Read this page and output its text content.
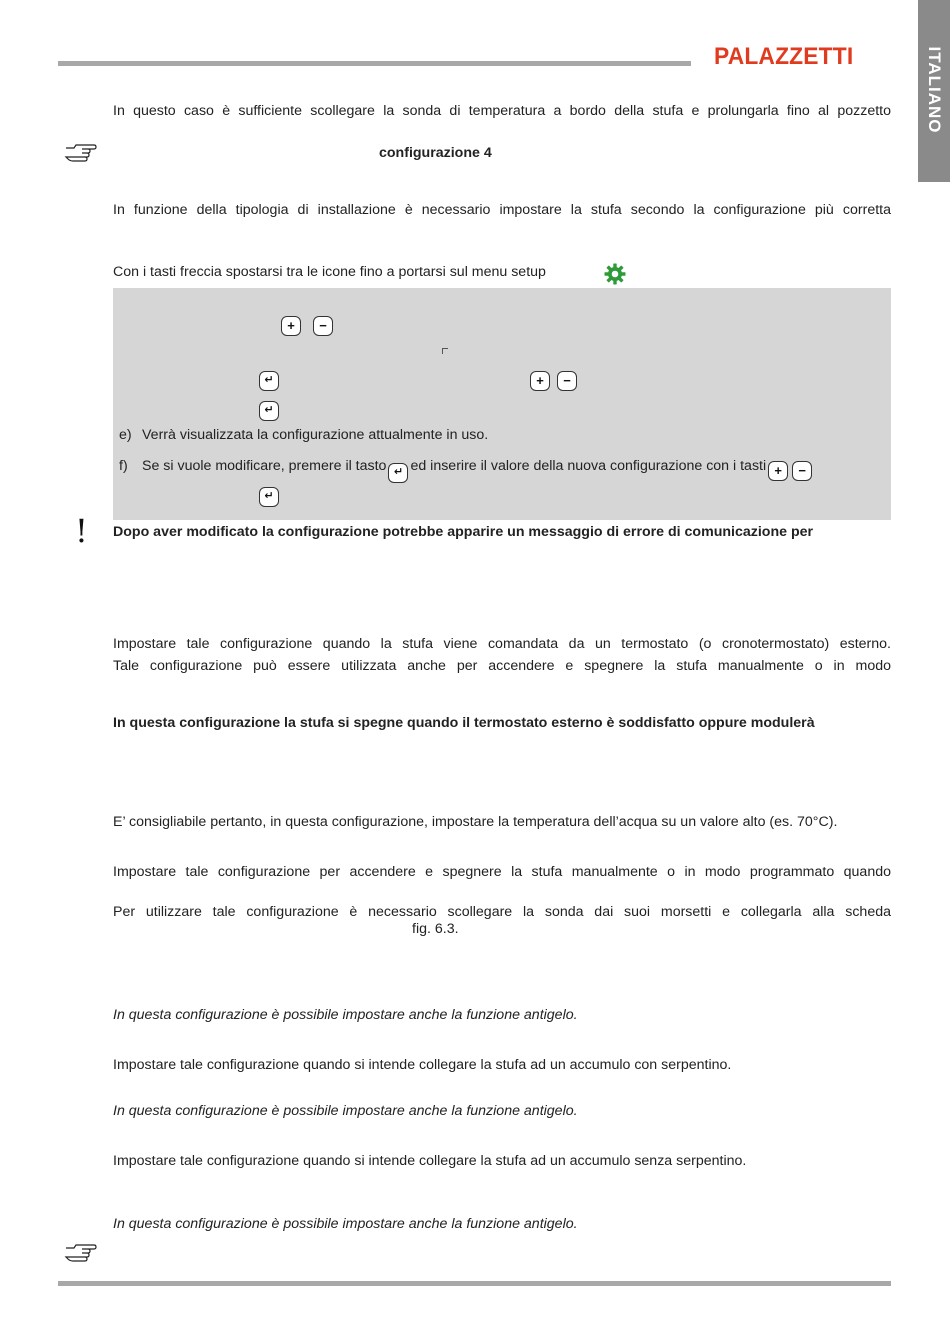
PALAZZETTI	ITALIANO
In questo caso è sufficiente scollegare la sonda di temperatura a bordo della stufa e prolungarla fino al pozzetto
configurazione 4
In funzione della tipologia di installazione è necessario impostare la stufa secondo la configurazione più corretta
Con i tasti freccia spostarsi tra le icone fino a portarsi sul menu setup
+	−
↵	+	−
↵
e) Verrà visualizzata la configurazione attualmente in uso.
f) Se si vuole modificare, premere il tasto ↵ ed inserire il valore della nuova configurazione con i tasti + −
↵
! Dopo aver modificato la configurazione potrebbe apparire un messaggio di errore di comunicazione per
Impostare tale configurazione quando la stufa viene comandata da un termostato (o cronotermostato) esterno.
Tale configurazione può essere utilizzata anche per accendere e spegnere la stufa manualmente o in modo
In questa configurazione la stufa si spegne quando il termostato esterno è soddisfatto oppure modulerà
E’ consigliabile pertanto, in questa configurazione, impostare la temperatura dell’acqua su un valore alto (es. 70°C).
Impostare tale configurazione per accendere e spegnere la stufa manualmente o in modo programmato quando
Per utilizzare tale configurazione è necessario scollegare la sonda dai suoi morsetti e collegarla alla scheda
fig. 6.3.
In questa configurazione è possibile impostare anche la funzione antigelo.
Impostare tale configurazione quando si intende collegare la stufa ad un accumulo con serpentino.
In questa configurazione è possibile impostare anche la funzione antigelo.
Impostare tale configurazione quando si intende collegare la stufa ad un accumulo senza serpentino.
In questa configurazione è possibile impostare anche la funzione antigelo.
